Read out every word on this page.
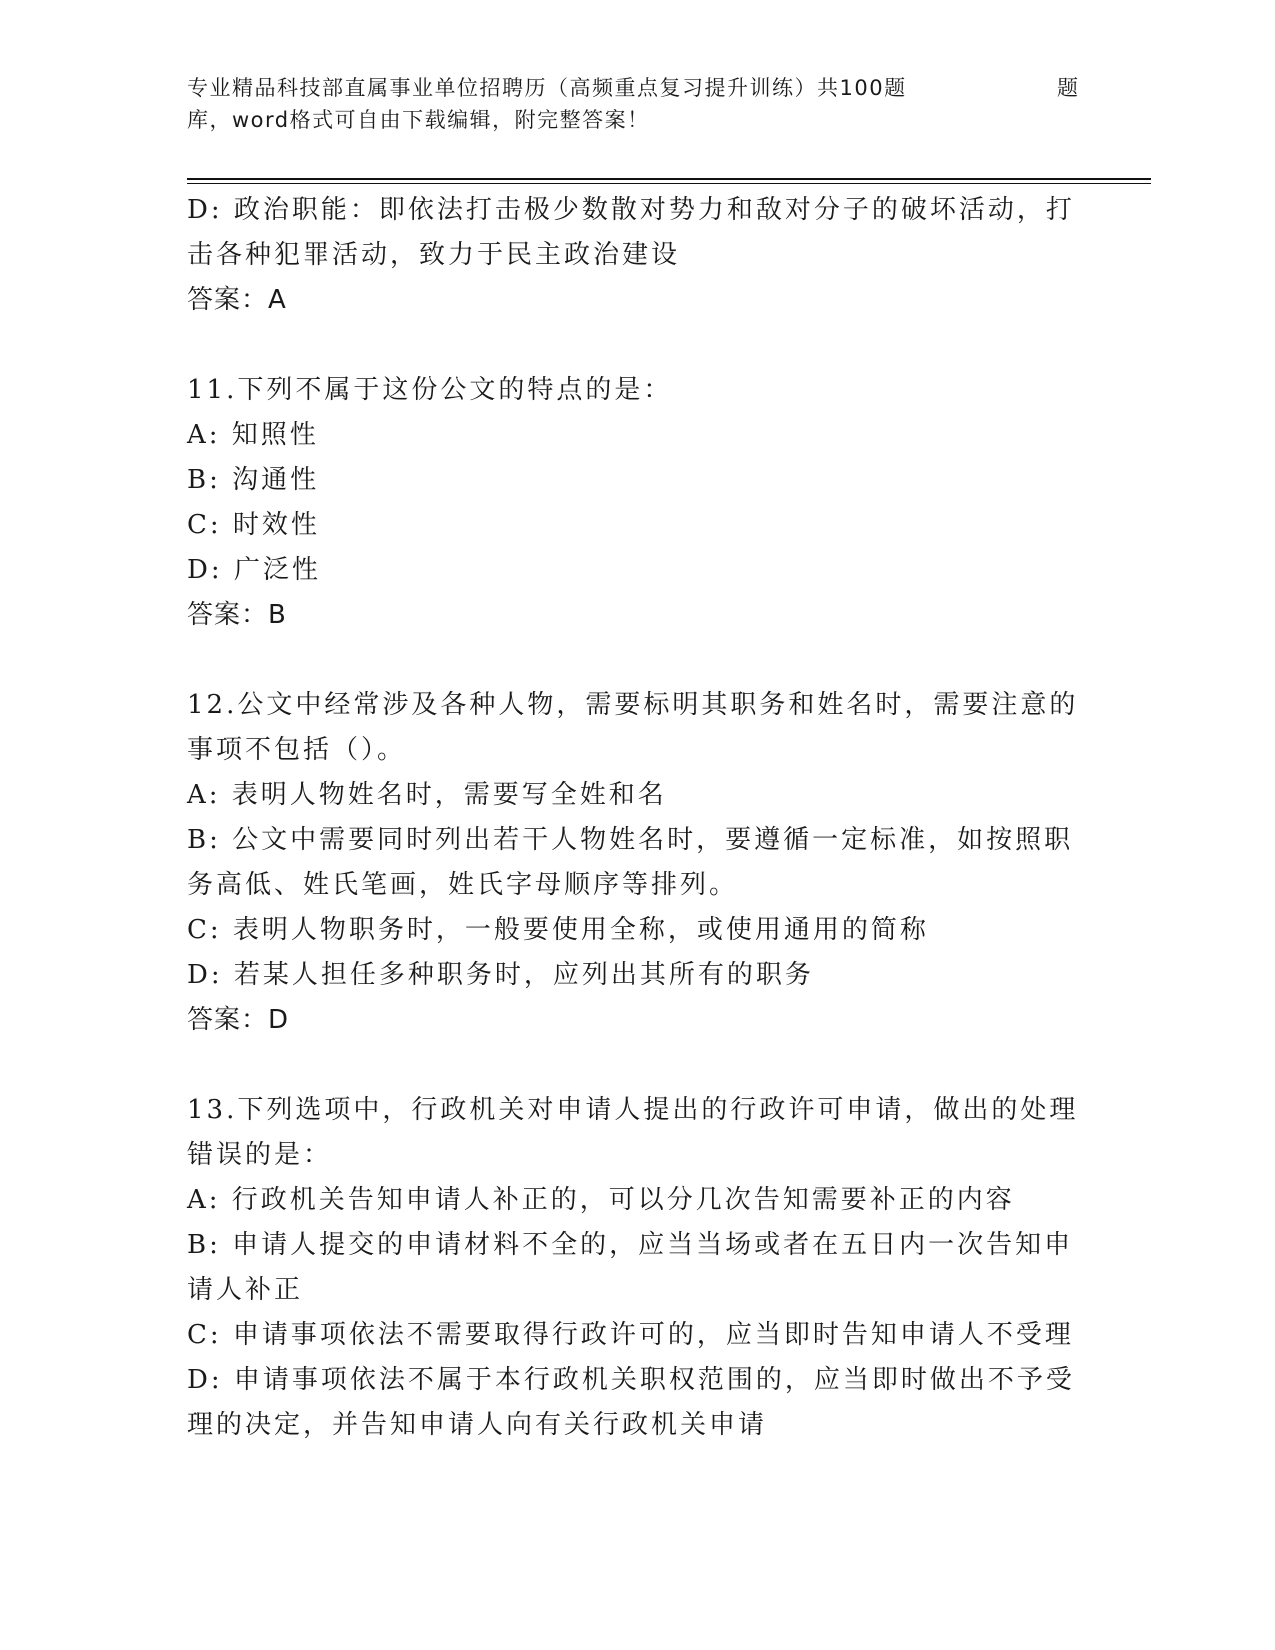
专业精品科技部直属事业单位招聘历（高频重点复习提升训练）共100题	题
库，word格式可自由下载编辑，附完整答案！

D: 政治职能：即依法打击极少数散对势力和敌对分子的破坏活动，打

击各种犯罪活动，致力于民主政治建设

答案：A

11.下列不属于这份公文的特点的是：

A: 知照性

B: 沟通性

C: 时效性

D: 广泛性

答案：B

12.公文中经常涉及各种人物，需要标明其职务和姓名时，需要注意的

事项不包括（）。

A: 表明人物姓名时，需要写全姓和名

B: 公文中需要同时列出若干人物姓名时，要遵循一定标准，如按照职

务高低、姓氏笔画，姓氏字母顺序等排列。

C: 表明人物职务时，一般要使用全称，或使用通用的简称

D: 若某人担任多种职务时，应列出其所有的职务

答案：D

13.下列选项中，行政机关对申请人提出的行政许可申请，做出的处理

错误的是：

A: 行政机关告知申请人补正的，可以分几次告知需要补正的内容

B: 申请人提交的申请材料不全的，应当当场或者在五日内一次告知申

请人补正

C: 申请事项依法不需要取得行政许可的，应当即时告知申请人不受理

D: 申请事项依法不属于本行政机关职权范围的，应当即时做出不予受

理的决定，并告知申请人向有关行政机关申请
